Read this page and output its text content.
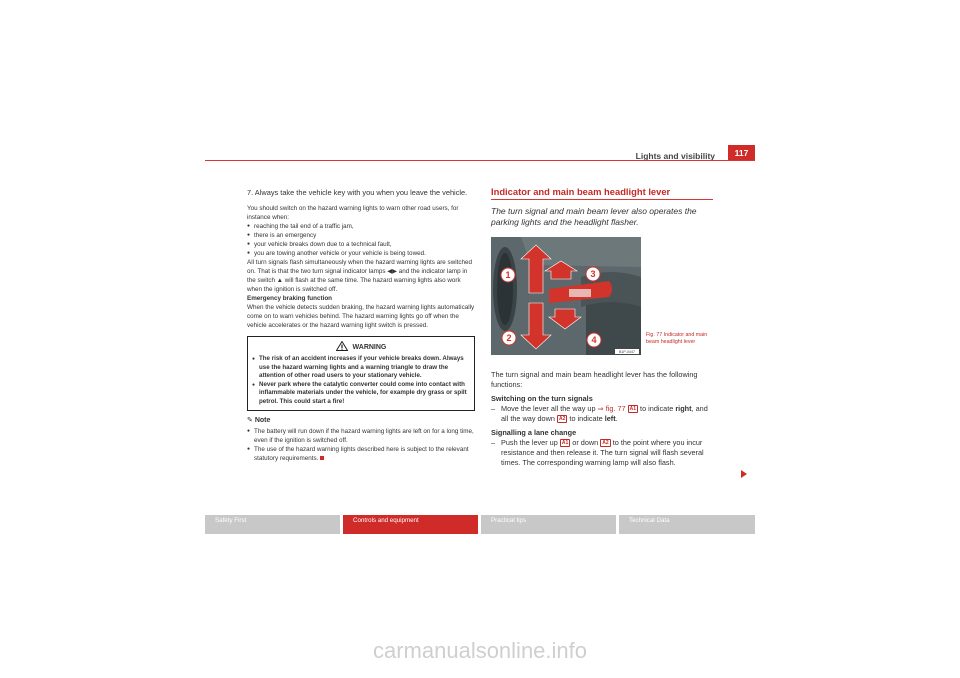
Lights and visibility	117
7. Always take the vehicle key with you when you leave the vehicle.

You should switch on the hazard warning lights to warn other road users, for instance when:

● reaching the tail end of a traffic jam,

● there is an emergency

● your vehicle breaks down due to a technical fault,

● you are towing another vehicle or your vehicle is being towed.

All turn signals flash simultaneously when the hazard warning lights are switched on. That is that the two turn signal indicator lamps ◀▶ and the indicator lamp in the switch ▲ will flash at the same time. The hazard warning lights also work when the ignition is switched off.

Emergency braking function

When the vehicle detects sudden braking, the hazard warning lights automatically come on to warn vehicles behind. The hazard warning lights go off when the vehicle accelerates or the hazard warning light switch is pressed.

WARNING

● The risk of an accident increases if your vehicle breaks down. Always use the hazard warning lights and a warning triangle to draw the attention of other road users to your stationary vehicle.

● Never park where the catalytic converter could come into contact with inflammable materials under the vehicle, for example dry grass or spilt petrol. This could start a fire!

✎ Note

● The battery will run down if the hazard warning lights are left on for a long time, even if the ignition is switched off.

● The use of the hazard warning lights described here is subject to the relevant statutory requirements.

Indicator and main beam headlight lever
The turn signal and main beam lever also operates the parking lights and the headlight flasher.
1	3
2	4
B1P-0447
Fig. 77 Indicator and main beam headlight lever

The turn signal and main beam headlight lever has the following functions:

Switching on the turn signals

– Move the lever all the way up ⇒ fig. 77 A1 to indicate right, and all the way down A2 to indicate left.

Signalling a lane change

– Push the lever up A1 or down A2 to the point where you incur resistance and then release it. The turn signal will flash several times. The corresponding warning lamp will also flash.

Safety First	Controls and equipment	Practical tips	Technical Data
carmanualsonline.info
